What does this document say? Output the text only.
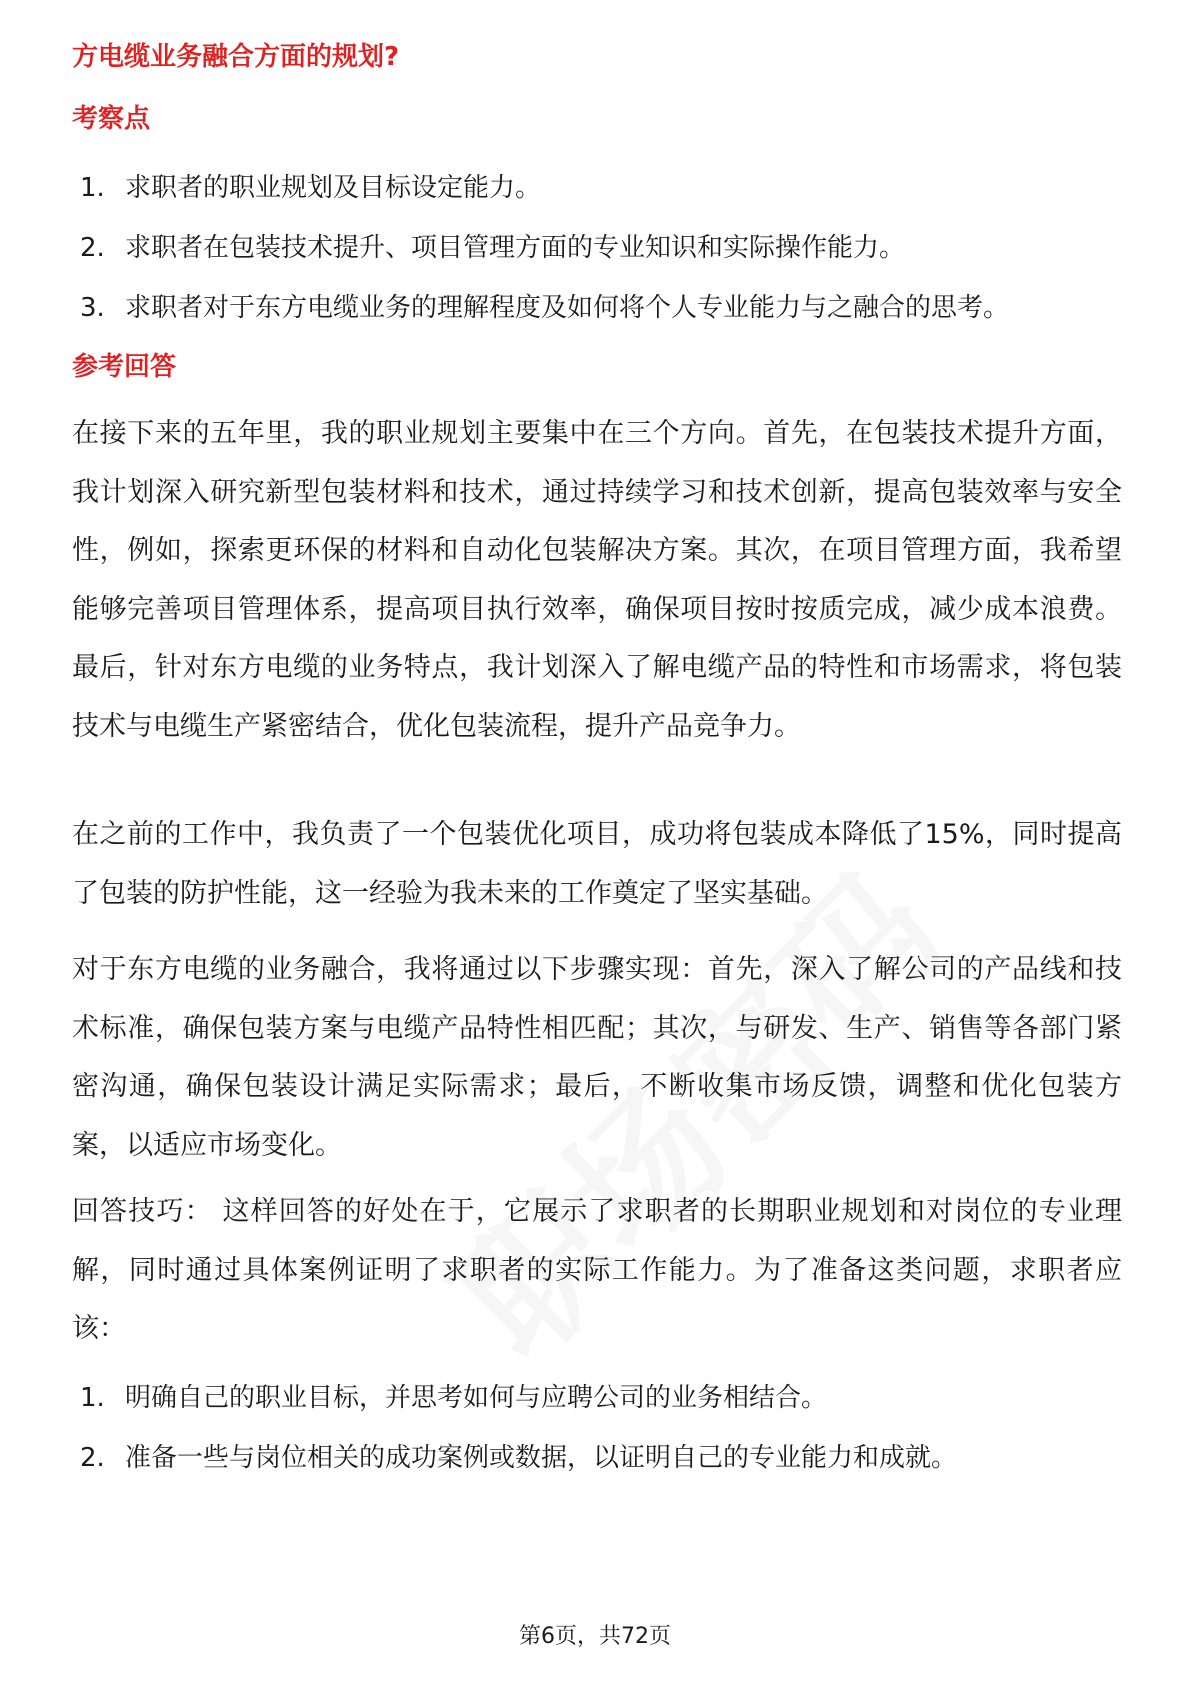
方电缆业务融合方面的规划?
考察点
1. 求职者的职业规划及目标设定能力。
2. 求职者在包装技术提升、项目管理方面的专业知识和实际操作能力。
3. 求职者对于东方电缆业务的理解程度及如何将个人专业能力与之融合的思考。
参考回答

在接下来的五年里，我的职业规划主要集中在三个方向。首先，在包装技术提升方面，我计划深入研究新型包装材料和技术，通过持续学习和技术创新，提高包装效率与安全性，例如，探索更环保的材料和自动化包装解决方案。其次，在项目管理方面，我希望能够完善项目管理体系，提高项目执行效率，确保项目按时按质完成，减少成本浪费。最后，针对东方电缆的业务特点，我计划深入了解电缆产品的特性和市场需求，将包装技术与电缆生产紧密结合，优化包装流程，提升产品竞争力。

在之前的工作中，我负责了一个包装优化项目，成功将包装成本降低了15%，同时提高了包装的防护性能，这一经验为我未来的工作奠定了坚实基础。

对于东方电缆的业务融合，我将通过以下步骤实现：首先，深入了解公司的产品线和技术标准，确保包装方案与电缆产品特性相匹配；其次，与研发、生产、销售等各部门紧密沟通，确保包装设计满足实际需求；最后，不断收集市场反馈，调整和优化包装方案，以适应市场变化。

回答技巧： 这样回答的好处在于，它展示了求职者的长期职业规划和对岗位的专业理解，同时通过具体案例证明了求职者的实际工作能力。为了准备这类问题，求职者应该：

1. 明确自己的职业目标，并思考如何与应聘公司的业务相结合。
2. 准备一些与岗位相关的成功案例或数据，以证明自己的专业能力和成就。
第6页，共72页
